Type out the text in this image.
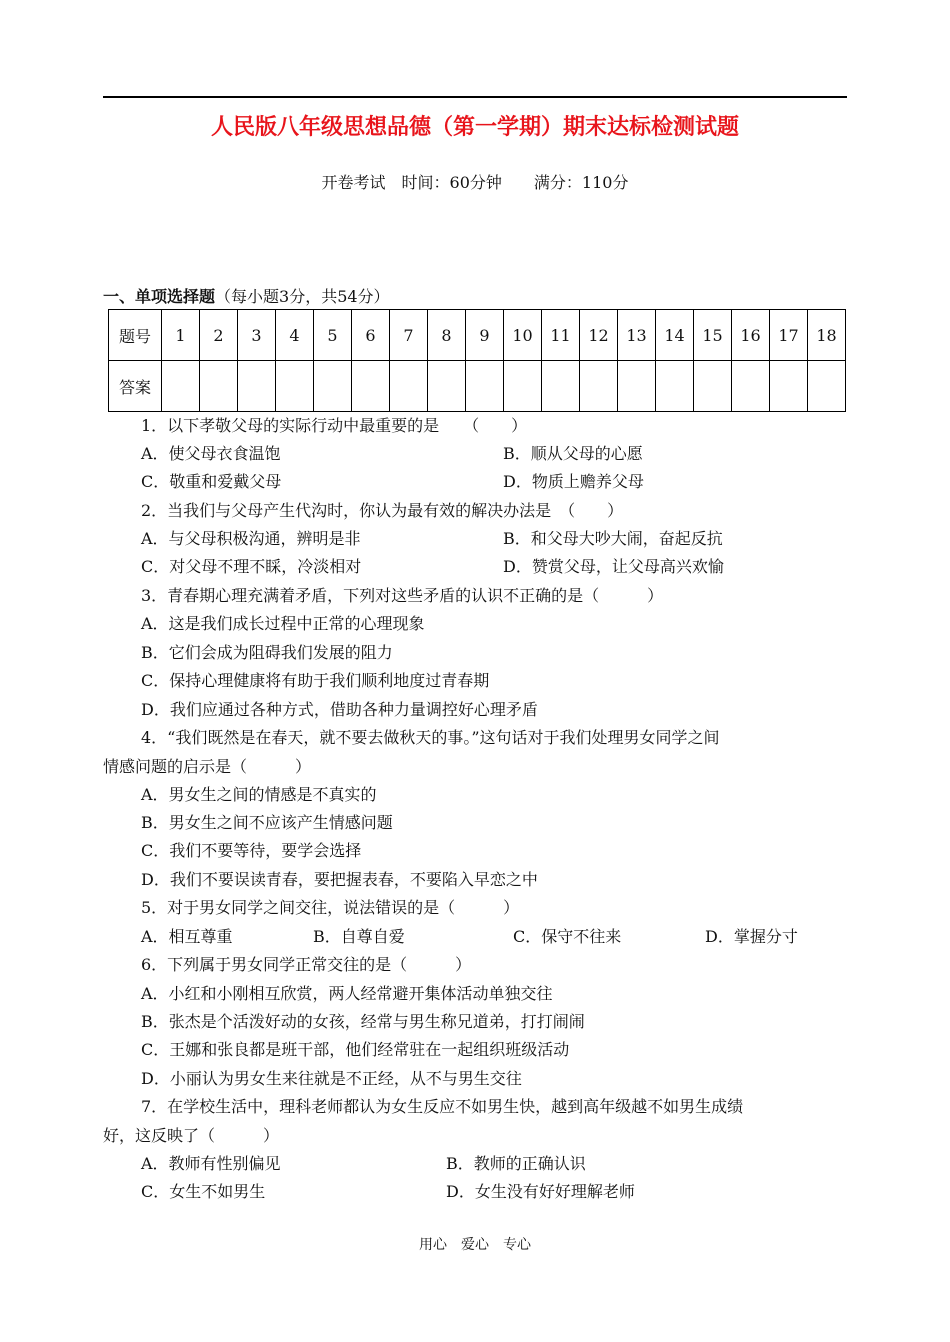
人民版八年级思想品德（第一学期）期末达标检测试题
开卷考试　时间：60分钟　　满分：110分
一、单项选择题（每小题3分，共54分）
题号	1	2	3	4	5	6	7	8	9	10	11	12	13	14	15	16	17	18
答案																		
1．以下孝敬父母的实际行动中最重要的是　　（　　）
A．使父母衣食温饱	B．顺从父母的心愿
C．敬重和爱戴父母	D．物质上赡养父母
2．当我们与父母产生代沟时，你认为最有效的解决办法是　（　　）
A．与父母积极沟通，辨明是非	B．和父母大吵大闹，奋起反抗
C．对父母不理不睬，冷淡相对	D．赞赏父母，让父母高兴欢愉
3．青春期心理充满着矛盾，下列对这些矛盾的认识不正确的是（　　　）
A．这是我们成长过程中正常的心理现象
B．它们会成为阻碍我们发展的阻力
C．保持心理健康将有助于我们顺利地度过青春期
D．我们应通过各种方式，借助各种力量调控好心理矛盾
4．“我们既然是在春天，就不要去做秋天的事。”这句话对于我们处理男女同学之间
情感问题的启示是（　　　）
A．男女生之间的情感是不真实的
B．男女生之间不应该产生情感问题
C．我们不要等待，要学会选择
D．我们不要误读青春，要把握表春，不要陷入早恋之中
5．对于男女同学之间交往，说法错误的是（　　　）
A．相互尊重	B．自尊自爱	C．保守不往来	D．掌握分寸
6．下列属于男女同学正常交往的是（　　　）
A．小红和小刚相互欣赏，两人经常避开集体活动单独交往
B．张杰是个活泼好动的女孩，经常与男生称兄道弟，打打闹闹
C．王娜和张良都是班干部，他们经常驻在一起组织班级活动
D．小丽认为男女生来往就是不正经，从不与男生交往
7．在学校生活中，理科老师都认为女生反应不如男生快，越到高年级越不如男生成绩
好，这反映了（　　　）
A．教师有性别偏见	B．教师的正确认识
C．女生不如男生	D．女生没有好好理解老师
用心　爱心　专心
